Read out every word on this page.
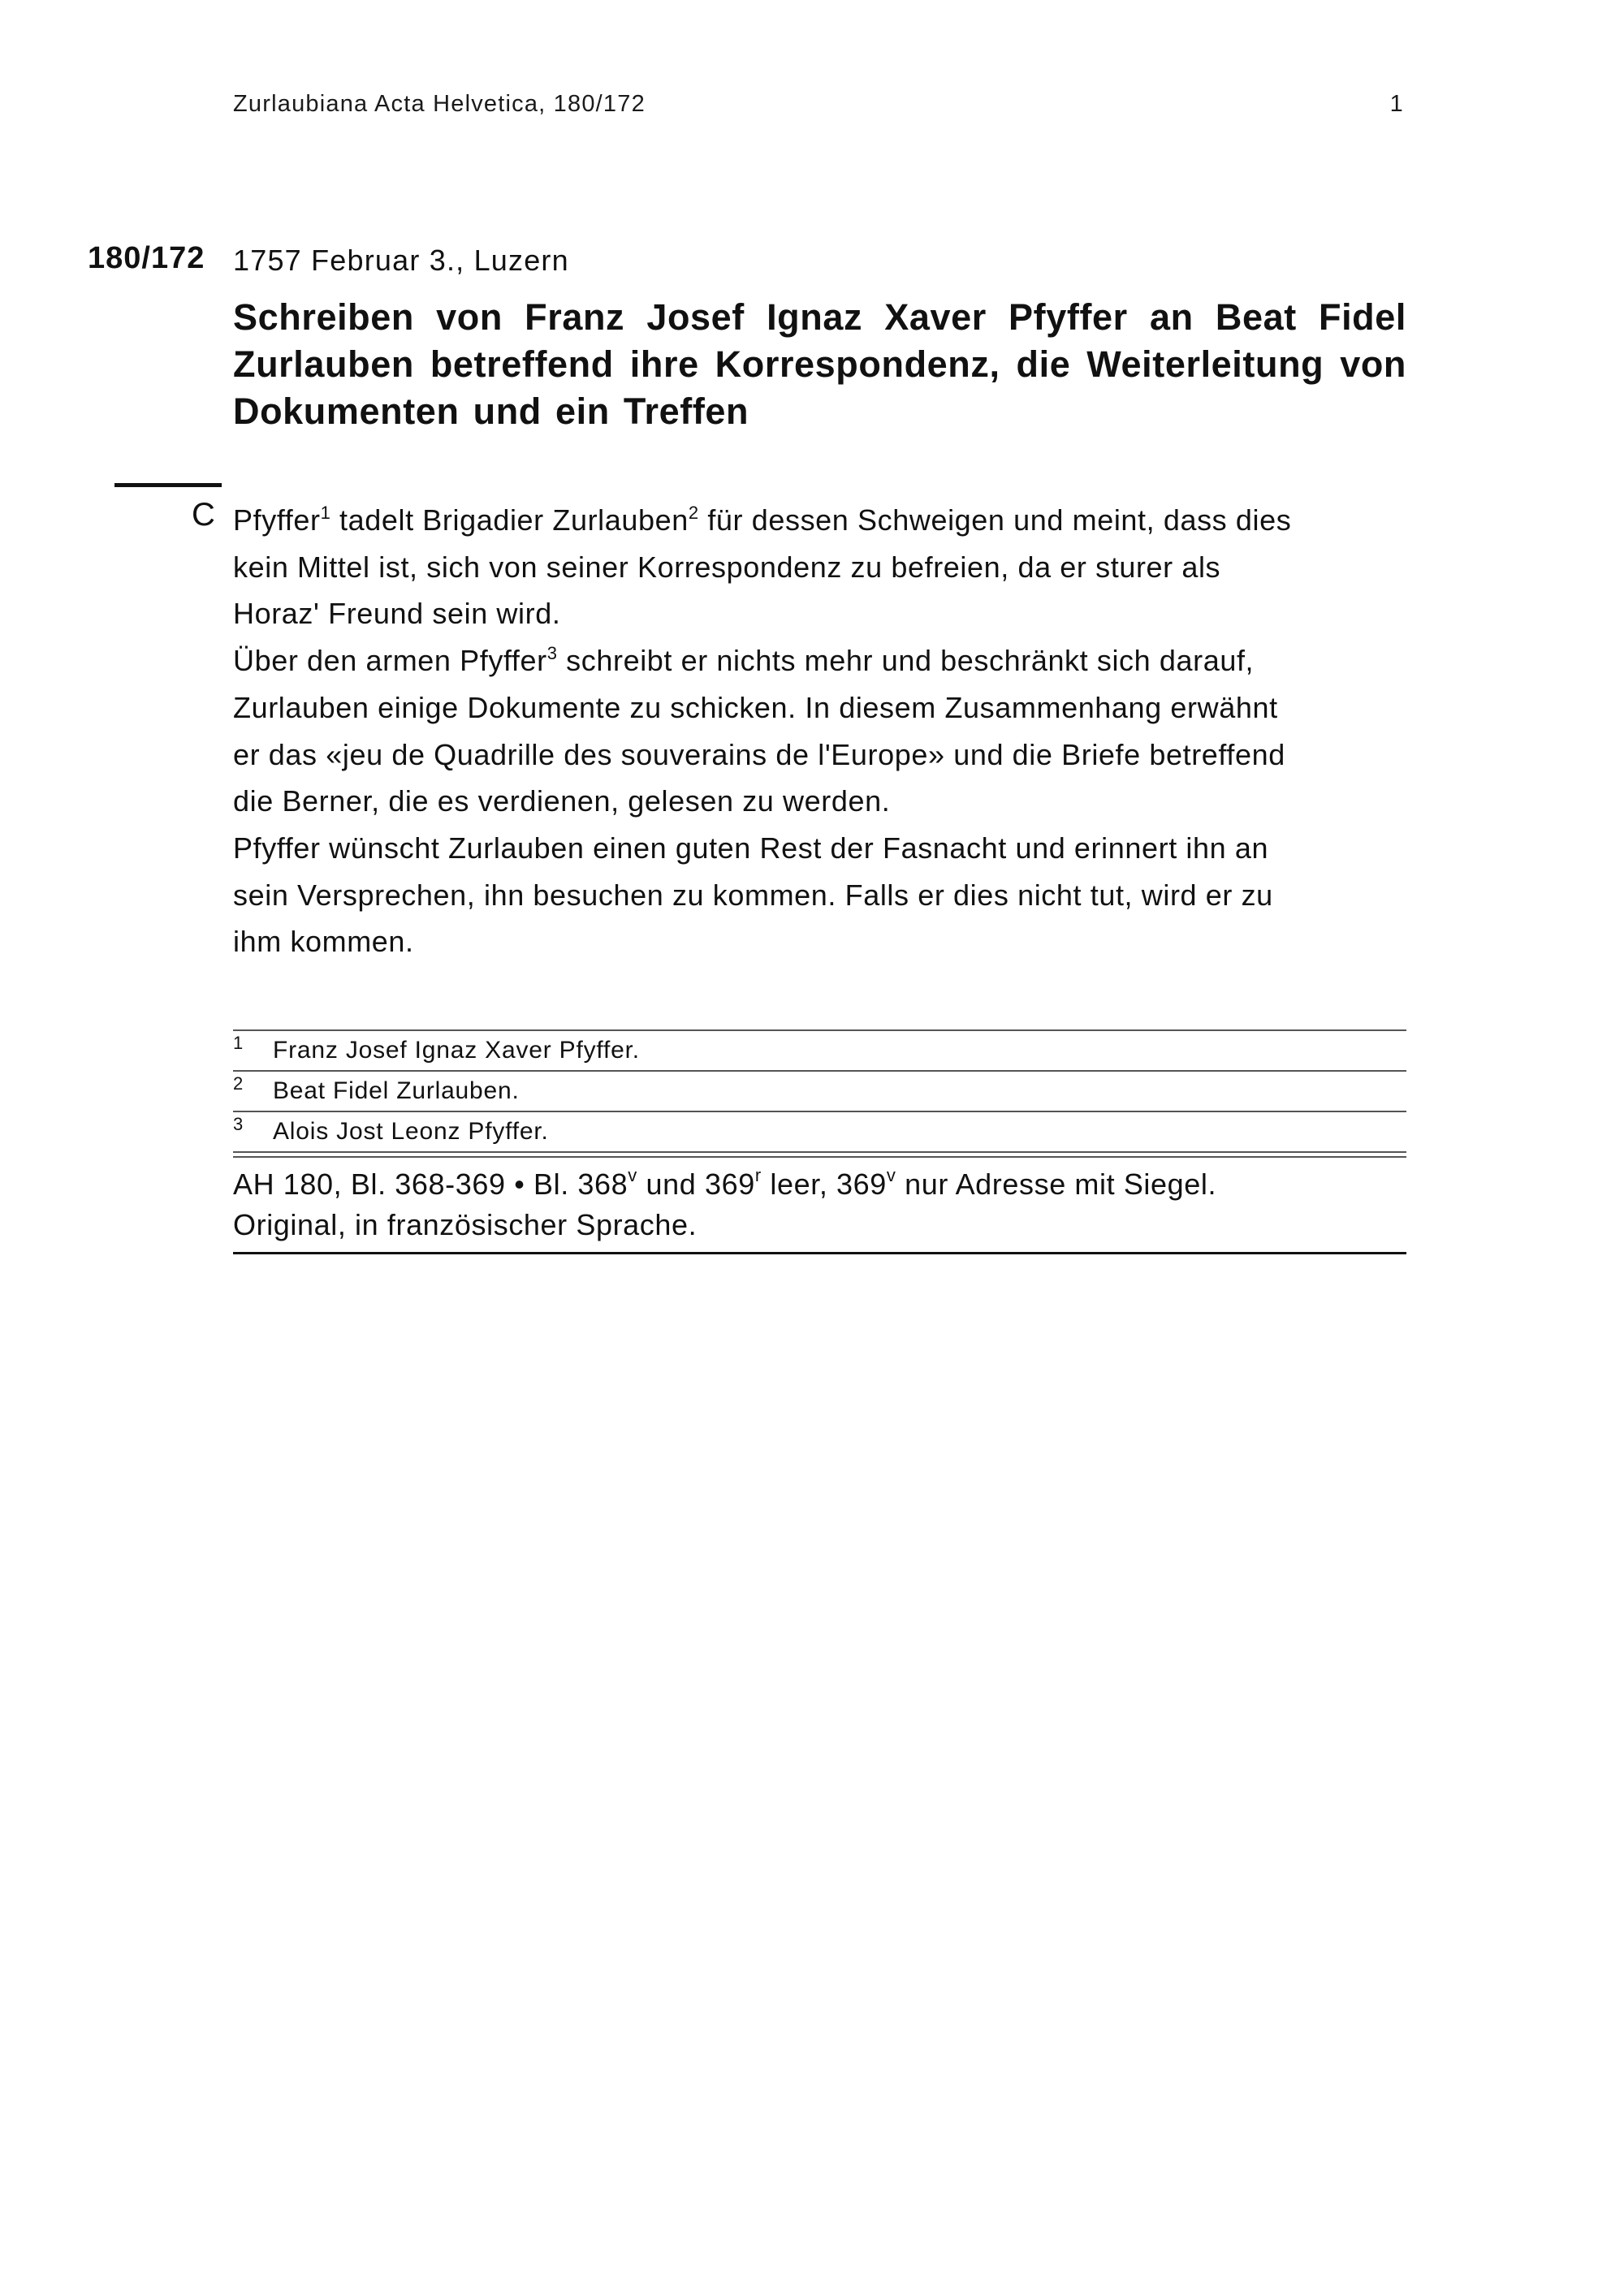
Zurlaubiana Acta Helvetica, 180/172	1
180/172 1757 Februar 3., Luzern
Schreiben von Franz Josef Ignaz Xaver Pfyffer an Beat Fidel
Zurlauben betreffend ihre Korrespondenz, die Weiterleitung von
Dokumenten und ein Treffen
C Pfyffer$^1$ tadelt Brigadier Zurlauben$^2$ für dessen Schweigen und meint, dass dies
kein Mittel ist, sich von seiner Korrespondenz zu befreien, da er sturer als
Horaz' Freund sein wird.
Über den armen Pfyffer$^3$ schreibt er nichts mehr und beschränkt sich darauf,
Zurlauben einige Dokumente zu schicken. In diesem Zusammenhang erwähnt
er das «jeu de Quadrille des souverains de l'Europe» und die Briefe betreffend
die Berner, die es verdienen, gelesen zu werden.
Pfyffer wünscht Zurlauben einen guten Rest der Fasnacht und erinnert ihn an
sein Versprechen, ihn besuchen zu kommen. Falls er dies nicht tut, wird er zu
ihm kommen.
1 Franz Josef Ignaz Xaver Pfyffer.
2 Beat Fidel Zurlauben.
3 Alois Jost Leonz Pfyffer.
AH 180, Bl. 368-369 • Bl. 368$^v$ und 369$^r$ leer, 369$^v$ nur Adresse mit Siegel.
Original, in französischer Sprache.
